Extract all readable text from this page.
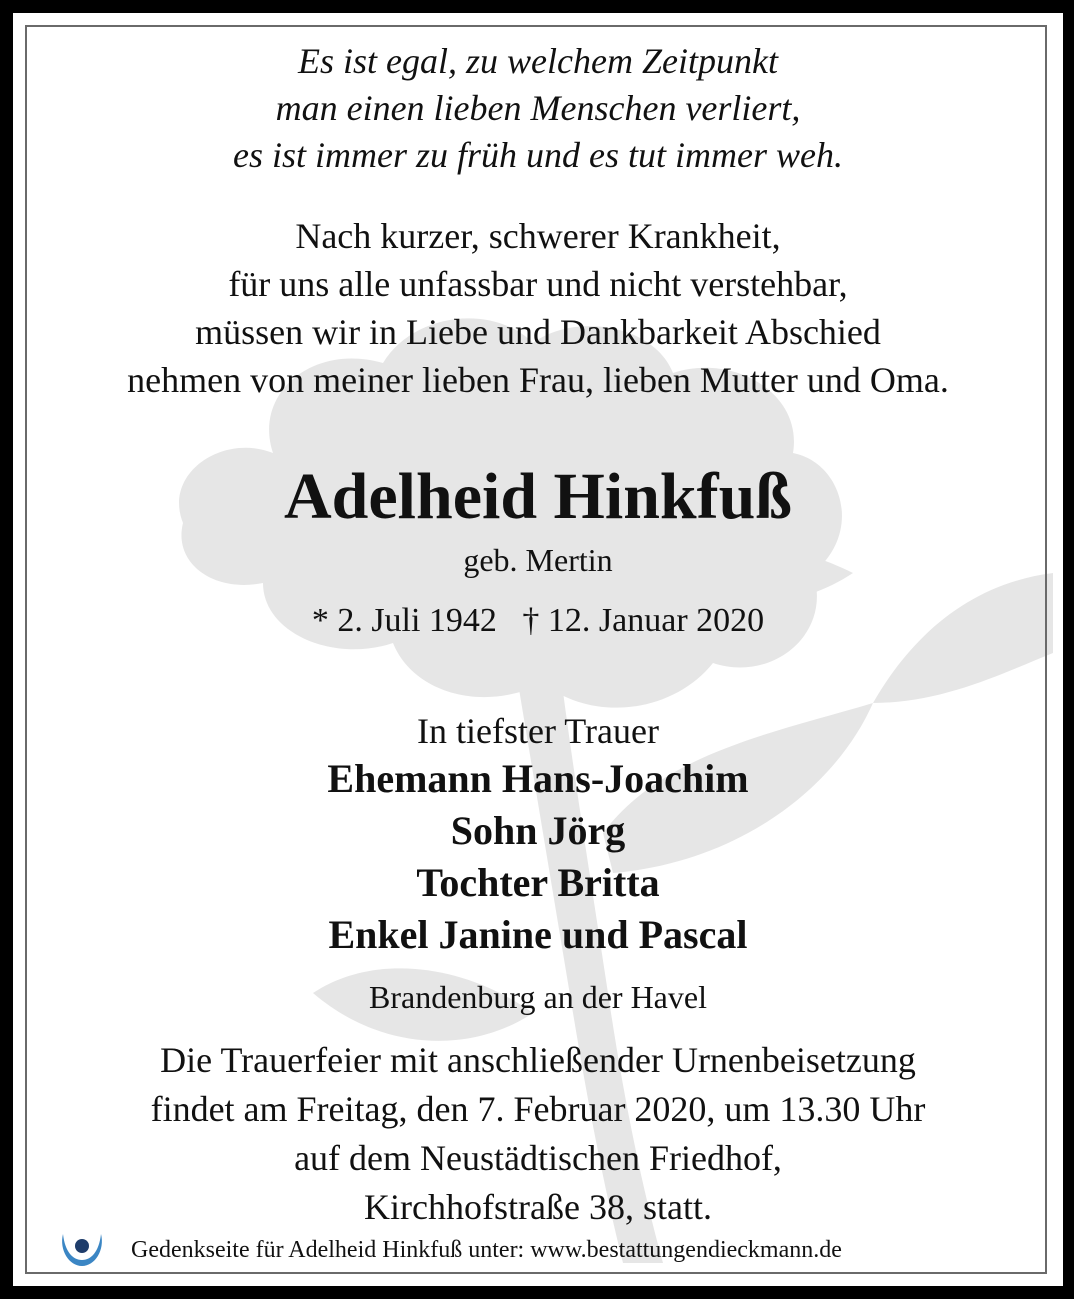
Es ist egal, zu welchem Zeitpunkt

man einen lieben Menschen verliert,

es ist immer zu früh und es tut immer weh.

Nach kurzer, schwerer Krankheit,

für uns alle unfassbar und nicht verstehbar,

müssen wir in Liebe und Dankbarkeit Abschied

nehmen von meiner lieben Frau, lieben Mutter und Oma.

Adelheid Hinkfuß

geb. Mertin

* 2. Juli 1942   † 12. Januar 2020

In tiefster Trauer

Ehemann Hans-Joachim

Sohn Jörg

Tochter Britta

Enkel Janine und Pascal

Brandenburg an der Havel

Die Trauerfeier mit anschließender Urnenbeisetzung

findet am Freitag, den 7. Februar 2020, um 13.30 Uhr

auf dem Neustädtischen Friedhof,

Kirchhofstraße 38, statt.

Gedenkseite für Adelheid Hinkfuß unter: www.bestattungendieckmann.de
